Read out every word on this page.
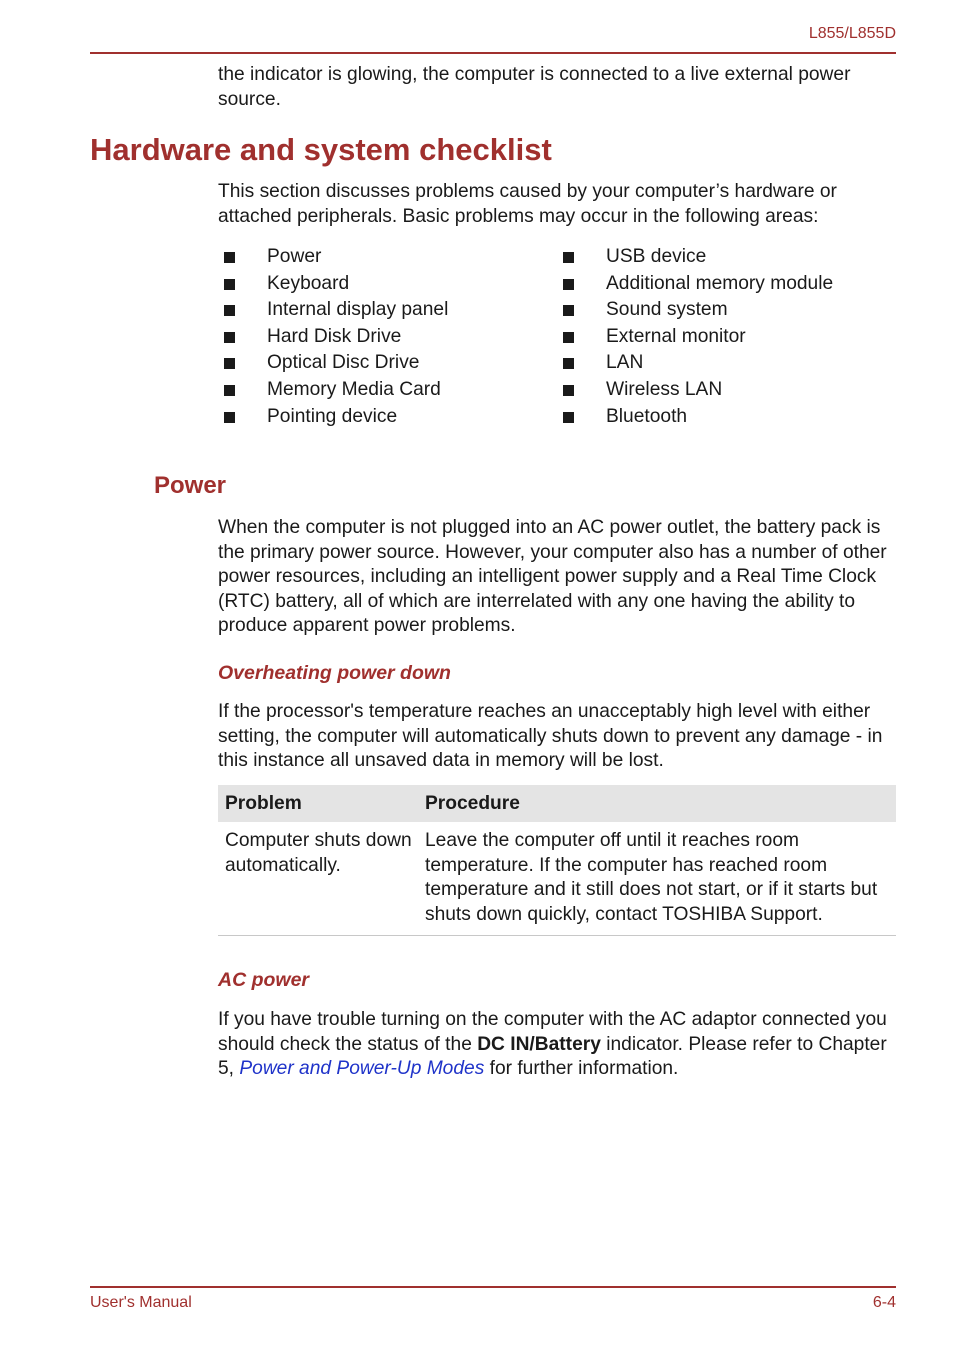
L855/L855D

the indicator is glowing, the computer is connected to a live external power source.

Hardware and system checklist

This section discusses problems caused by your computer’s hardware or attached peripherals. Basic problems may occur in the following areas:

Power
Keyboard
Internal display panel
Hard Disk Drive
Optical Disc Drive
Memory Media Card
Pointing device
USB device
Additional memory module
Sound system
External monitor
LAN
Wireless LAN
Bluetooth
Power

When the computer is not plugged into an AC power outlet, the battery pack is the primary power source. However, your computer also has a number of other power resources, including an intelligent power supply and a Real Time Clock (RTC) battery, all of which are interrelated with any one having the ability to produce apparent power problems.

Overheating power down

If the processor's temperature reaches an unacceptably high level with either setting, the computer will automatically shuts down to prevent any damage - in this instance all unsaved data in memory will be lost.

Problem	Procedure
Computer shuts down automatically.
Leave the computer off until it reaches room temperature. If the computer has reached room temperature and it still does not start, or if it starts but shuts down quickly, contact TOSHIBA Support.
AC power

If you have trouble turning on the computer with the AC adaptor connected you should check the status of the DC IN/Battery indicator. Please refer to Chapter 5, Power and Power-Up Modes for further information.

User's Manual	6-4
